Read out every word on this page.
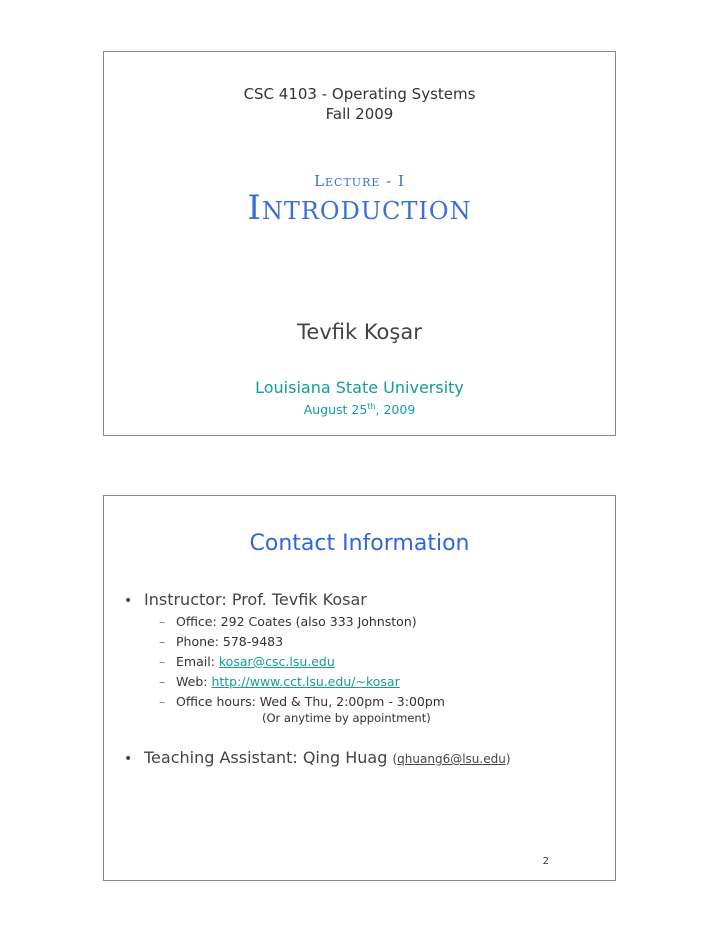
CSC 4103 - Operating Systems
Fall 2009
Lecture - I
Introduction
Tevfik Koşar
Louisiana State University
August 25th, 2009
Contact Information
• Instructor: Prof. Tevfik Kosar
– Office: 292 Coates (also 333 Johnston)
– Phone: 578-9483
– Email: kosar@csc.lsu.edu
– Web: http://www.cct.lsu.edu/~kosar
– Office hours: Wed & Thu, 2:00pm - 3:00pm
(Or anytime by appointment)
• Teaching Assistant: Qing Huag (qhuang6@lsu.edu)
2
